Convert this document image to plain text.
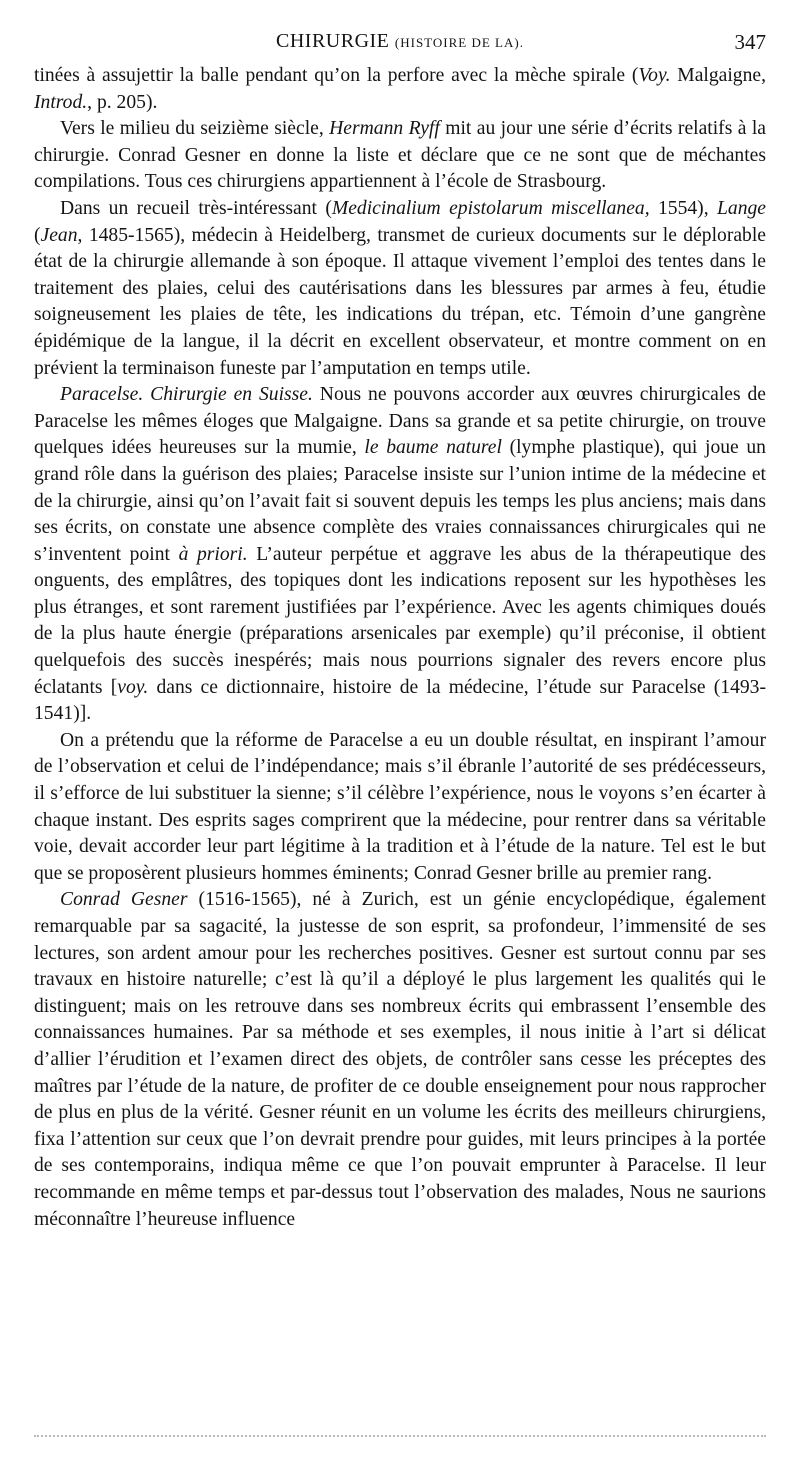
CHIRURGIE (HISTOIRE DE LA).	347

tinées à assujettir la balle pendant qu’on la perfore avec la mèche spirale (Voy. Malgaigne, Introd., p. 205).

Vers le milieu du seizième siècle, Hermann Ryff mit au jour une série d’écrits relatifs à la chirurgie. Conrad Gesner en donne la liste et déclare que ce ne sont que de méchantes compilations. Tous ces chirurgiens appartiennent à l’école de Strasbourg.

Dans un recueil très-intéressant (Medicinalium epistolarum miscellanea, 1554), Lange (Jean, 1485-1565), médecin à Heidelberg, transmet de curieux documents sur le déplorable état de la chirurgie allemande à son époque. Il attaque vivement l’emploi des tentes dans le traitement des plaies, celui des cautérisations dans les blessures par armes à feu, étudie soigneusement les plaies de tête, les indications du trépan, etc. Témoin d’une gangrène épidémique de la langue, il la décrit en excellent observateur, et montre comment on en prévient la terminaison funeste par l’amputation en temps utile.

Paracelse. Chirurgie en Suisse. Nous ne pouvons accorder aux œuvres chirurgicales de Paracelse les mêmes éloges que Malgaigne. Dans sa grande et sa petite chirurgie, on trouve quelques idées heureuses sur la mumie, le baume naturel (lymphe plastique), qui joue un grand rôle dans la guérison des plaies; Paracelse insiste sur l’union intime de la médecine et de la chirurgie, ainsi qu’on l’avait fait si souvent depuis les temps les plus anciens; mais dans ses écrits, on constate une absence complète des vraies connaissances chirurgicales qui ne s’inventent point à priori. L’auteur perpétue et aggrave les abus de la thérapeutique des onguents, des emplâtres, des topiques dont les indications reposent sur les hypothèses les plus étranges, et sont rarement justifiées par l’expérience. Avec les agents chimiques doués de la plus haute énergie (préparations arsenicales par exemple) qu’il préconise, il obtient quelquefois des succès inespérés; mais nous pourrions signaler des revers encore plus éclatants [voy. dans ce dictionnaire, histoire de la médecine, l’étude sur Paracelse (1493-1541)].

On a prétendu que la réforme de Paracelse a eu un double résultat, en inspirant l’amour de l’observation et celui de l’indépendance; mais s’il ébranle l’autorité de ses prédécesseurs, il s’efforce de lui substituer la sienne; s’il célèbre l’expérience, nous le voyons s’en écarter à chaque instant. Des esprits sages comprirent que la médecine, pour rentrer dans sa véritable voie, devait accorder leur part légitime à la tradition et à l’étude de la nature. Tel est le but que se proposèrent plusieurs hommes éminents; Conrad Gesner brille au premier rang.

Conrad Gesner (1516-1565), né à Zurich, est un génie encyclopédique, également remarquable par sa sagacité, la justesse de son esprit, sa profondeur, l’immensité de ses lectures, son ardent amour pour les recherches positives. Gesner est surtout connu par ses travaux en histoire naturelle; c’est là qu’il a déployé le plus largement les qualités qui le distinguent; mais on les retrouve dans ses nombreux écrits qui embrassent l’ensemble des connaissances humaines. Par sa méthode et ses exemples, il nous initie à l’art si délicat d’allier l’érudition et l’examen direct des objets, de contrôler sans cesse les préceptes des maîtres par l’étude de la nature, de profiter de ce double enseignement pour nous rapprocher de plus en plus de la vérité. Gesner réunit en un volume les écrits des meilleurs chirurgiens, fixa l’attention sur ceux que l’on devrait prendre pour guides, mit leurs principes à la portée de ses contemporains, indiqua même ce que l’on pouvait emprunter à Paracelse. Il leur recommande en même temps et par-dessus tout l’observation des malades, Nous ne saurions méconnaître l’heureuse influence
